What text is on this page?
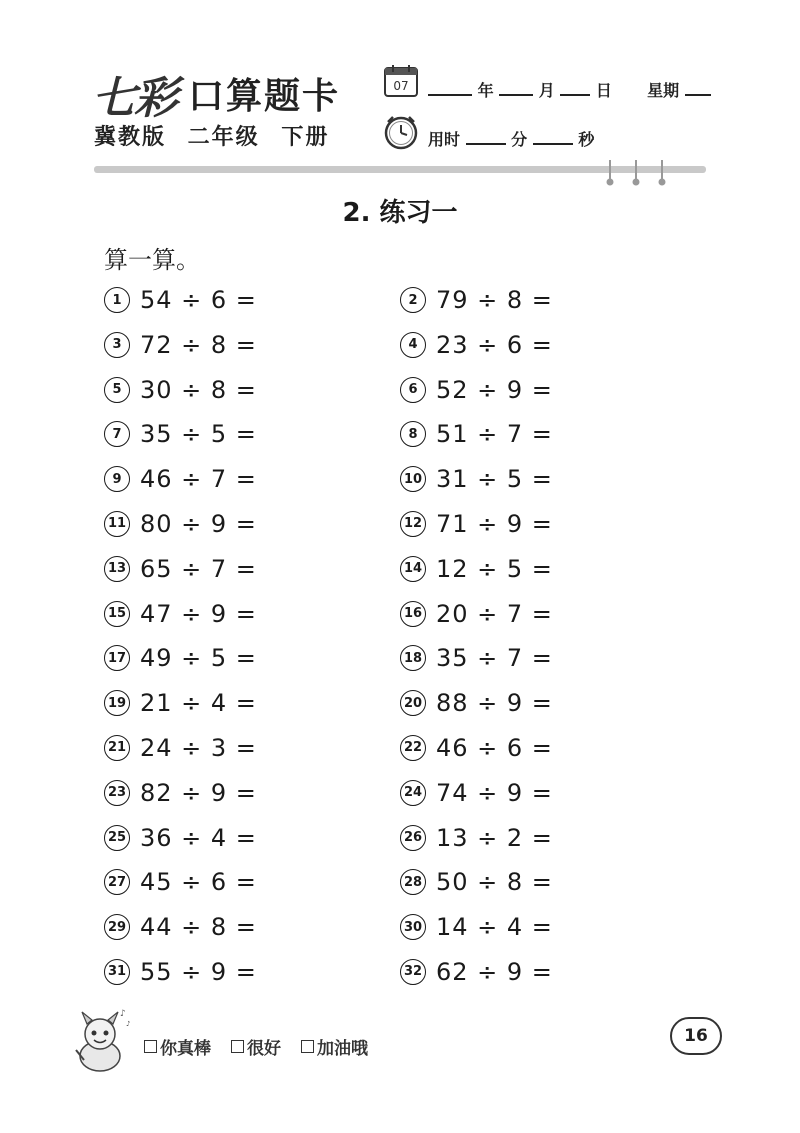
七彩 口算题卡
冀教版 二年级 下册
07	年	月	日 星期
用时	分	秒
2. 练习一
算一算。
1 54 ÷ 6 =	2 79 ÷ 8 =
3 72 ÷ 8 =	4 23 ÷ 6 =
5 30 ÷ 8 =	6 52 ÷ 9 =
7 35 ÷ 5 =	8 51 ÷ 7 =
9 46 ÷ 7 =	10 31 ÷ 5 =
11 80 ÷ 9 =	12 71 ÷ 9 =
13 65 ÷ 7 =	14 12 ÷ 5 =
15 47 ÷ 9 =	16 20 ÷ 7 =
17 49 ÷ 5 =	18 35 ÷ 7 =
19 21 ÷ 4 =	20 88 ÷ 9 =
21 24 ÷ 3 =	22 46 ÷ 6 =
23 82 ÷ 9 =	24 74 ÷ 9 =
25 36 ÷ 4 =	26 13 ÷ 2 =
27 45 ÷ 6 =	28 50 ÷ 8 =
29 44 ÷ 8 =	30 14 ÷ 4 =
31 55 ÷ 9 =	32 62 ÷ 9 =
♪
♪
你真棒 很好 加油哦
16
